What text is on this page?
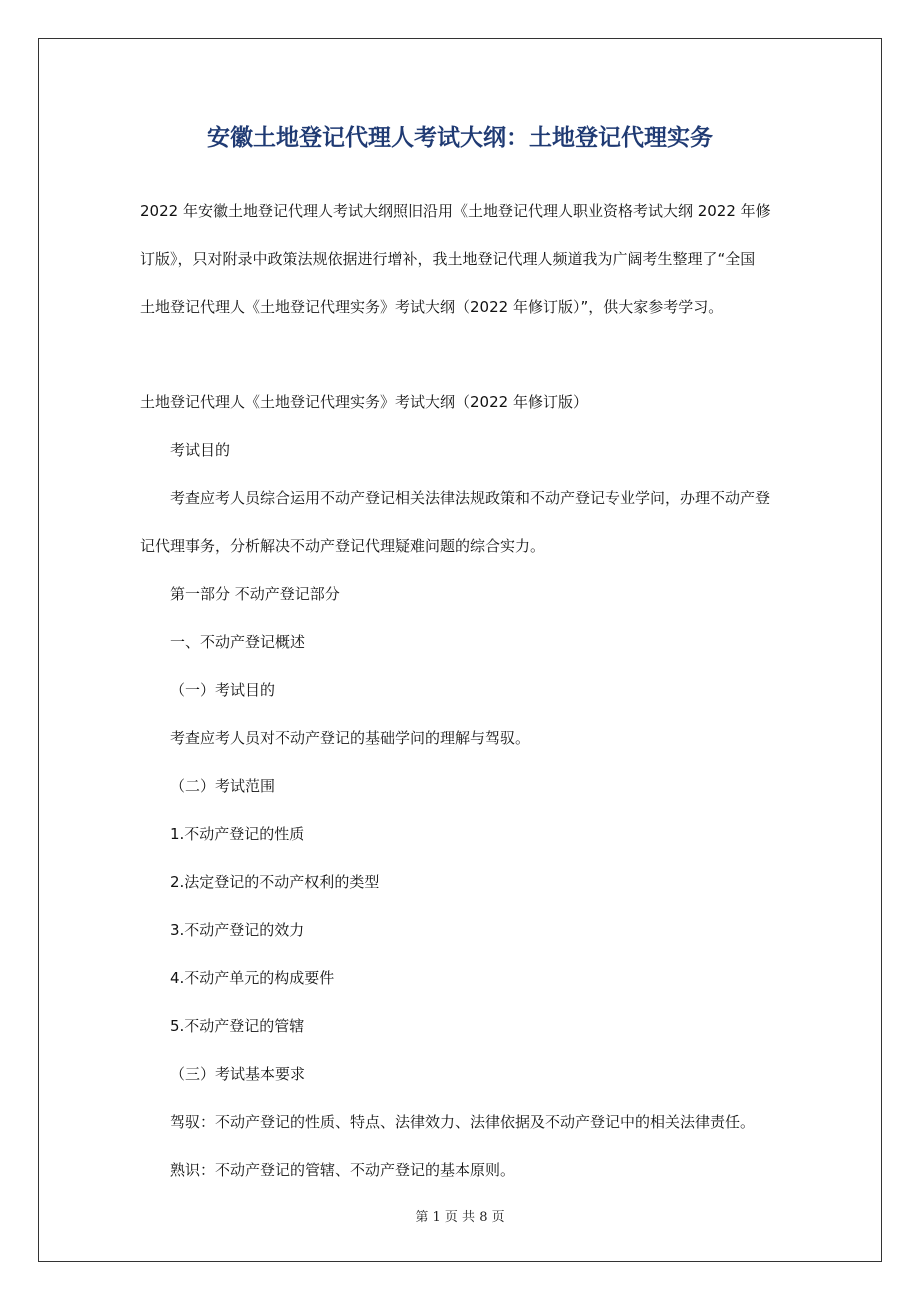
安徽土地登记代理人考试大纲：土地登记代理实务
2022 年安徽土地登记代理人考试大纲照旧沿用《土地登记代理人职业资格考试大纲 2022 年修
订版》，只对附录中政策法规依据进行增补，我土地登记代理人频道我为广阔考生整理了“全国
土地登记代理人《土地登记代理实务》考试大纲（2022 年修订版）”，供大家参考学习。
土地登记代理人《土地登记代理实务》考试大纲（2022 年修订版）
考试目的
考查应考人员综合运用不动产登记相关法律法规政策和不动产登记专业学问，办理不动产登
记代理事务，分析解决不动产登记代理疑难问题的综合实力。
第一部分 不动产登记部分
一、不动产登记概述
（一）考试目的
考查应考人员对不动产登记的基础学问的理解与驾驭。
（二）考试范围
1.不动产登记的性质
2.法定登记的不动产权利的类型
3.不动产登记的效力
4.不动产单元的构成要件
5.不动产登记的管辖
（三）考试基本要求
驾驭：不动产登记的性质、特点、法律效力、法律依据及不动产登记中的相关法律责任。
熟识：不动产登记的管辖、不动产登记的基本原则。
第 1 页 共 8 页
